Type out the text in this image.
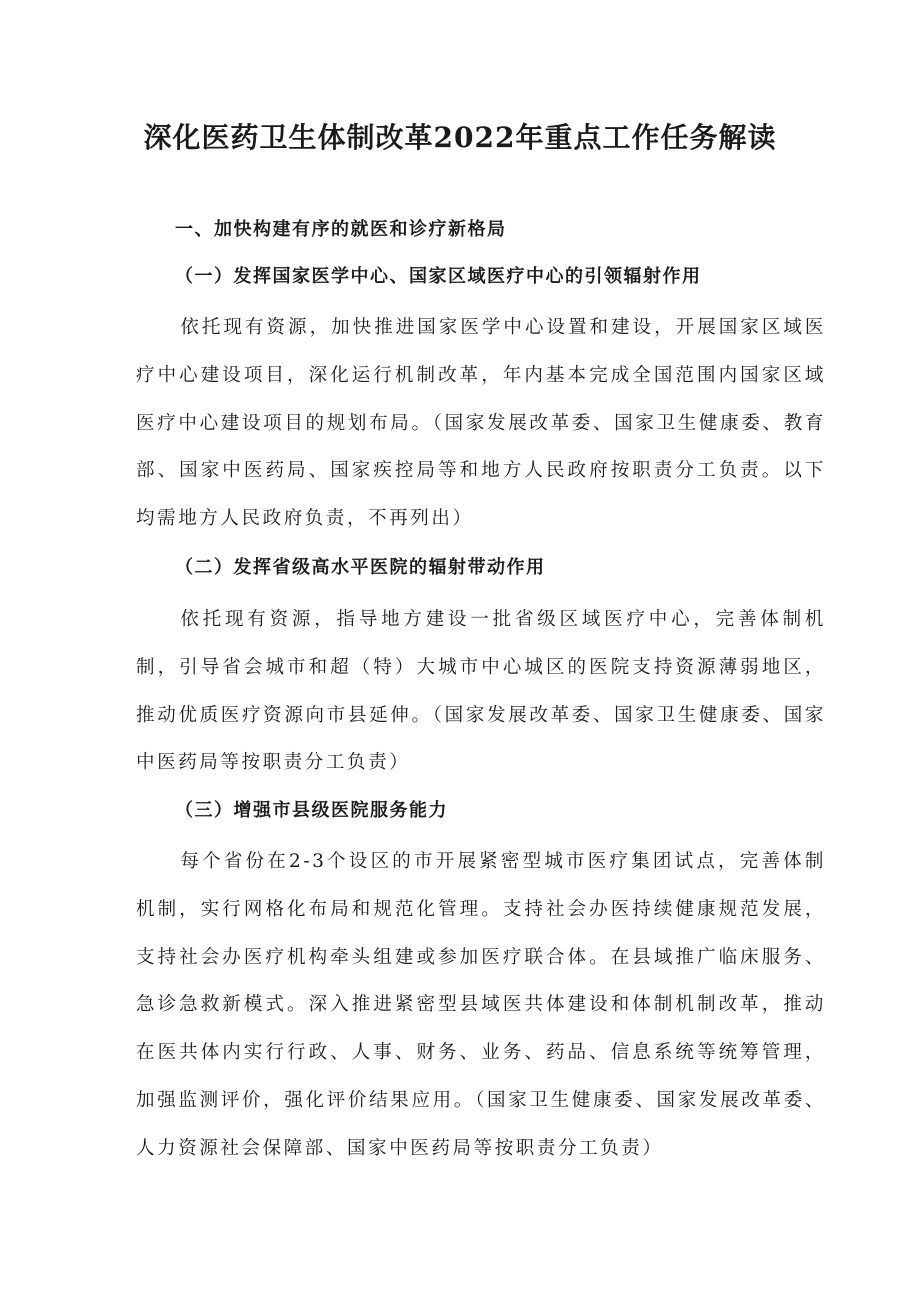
深化医药卫生体制改革2022年重点工作任务解读
一、加快构建有序的就医和诊疗新格局
（一）发挥国家医学中心、国家区域医疗中心的引领辐射作用
依托现有资源，加快推进国家医学中心设置和建设，开展国家区域医疗中心建设项目，深化运行机制改革，年内基本完成全国范围内国家区域医疗中心建设项目的规划布局。（国家发展改革委、国家卫生健康委、教育部、国家中医药局、国家疾控局等和地方人民政府按职责分工负责。以下均需地方人民政府负责，不再列出）
（二）发挥省级高水平医院的辐射带动作用
依托现有资源，指导地方建设一批省级区域医疗中心，完善体制机制，引导省会城市和超（特）大城市中心城区的医院支持资源薄弱地区，推动优质医疗资源向市县延伸。（国家发展改革委、国家卫生健康委、国家中医药局等按职责分工负责）
（三）增强市县级医院服务能力
每个省份在2-3个设区的市开展紧密型城市医疗集团试点，完善体制机制，实行网格化布局和规范化管理。支持社会办医持续健康规范发展，支持社会办医疗机构牵头组建或参加医疗联合体。在县域推广临床服务、急诊急救新模式。深入推进紧密型县域医共体建设和体制机制改革，推动在医共体内实行行政、人事、财务、业务、药品、信息系统等统筹管理，加强监测评价，强化评价结果应用。（国家卫生健康委、国家发展改革委、人力资源社会保障部、国家中医药局等按职责分工负责）
